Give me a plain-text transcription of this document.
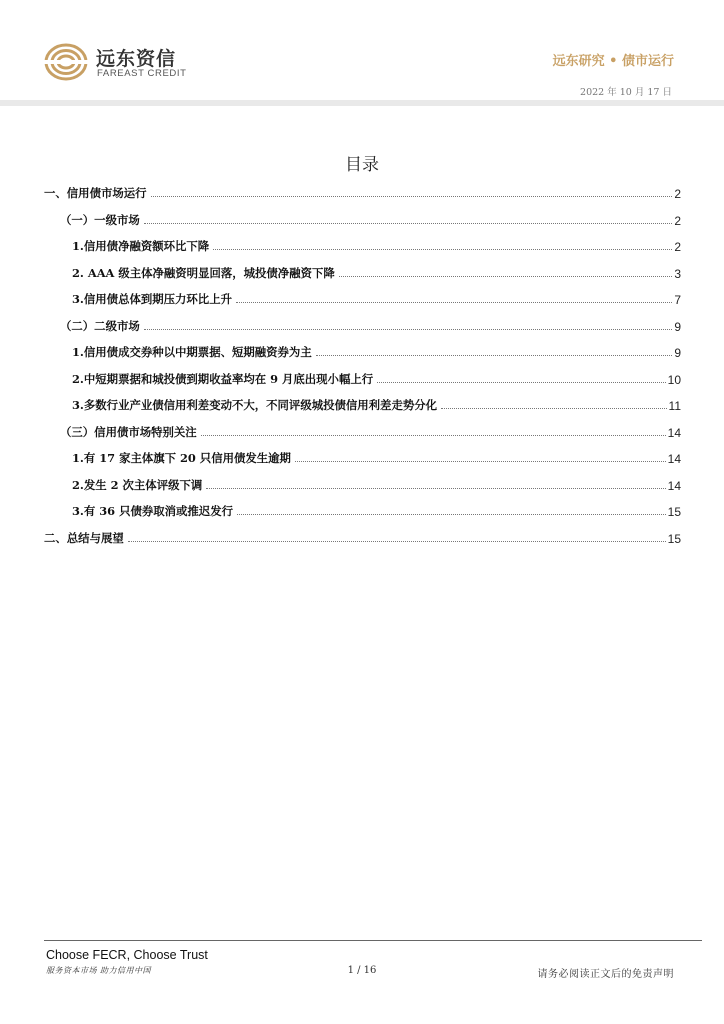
远东资信
FAREAST CREDIT
远东研究 • 债市运行
2022 年 10 月 17 日
目录
一、信用债市场运行	2
（一）一级市场	2
1.信用债净融资额环比下降	2
2. AAA 级主体净融资明显回落，城投债净融资下降	3
3.信用债总体到期压力环比上升	7
（二）二级市场	9
1.信用债成交券种以中期票据、短期融资券为主	9
2.中短期票据和城投债到期收益率均在 9 月底出现小幅上行	10
3.多数行业产业债信用利差变动不大，不同评级城投债信用利差走势分化	11
（三）信用债市场特别关注	14
1.有 17 家主体旗下 20 只信用债发生逾期	14
2.发生 2 次主体评级下调	14
3.有 36 只债券取消或推迟发行	15
二、总结与展望	15
Choose FECR, Choose Trust
服务资本市场 助力信用中国	1 / 16	请务必阅读正文后的免责声明
